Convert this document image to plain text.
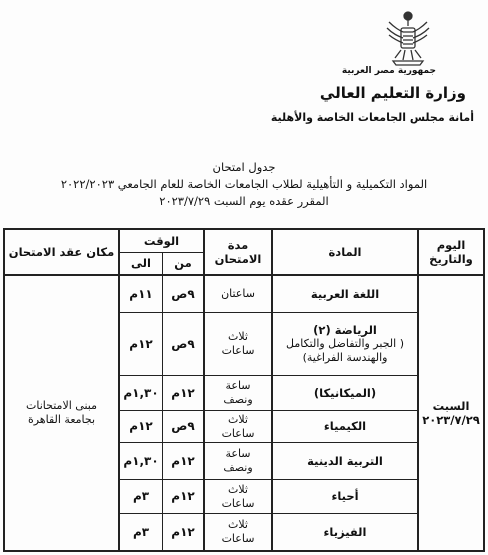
جمهورية مصر العربية
وزارة التعليم العالي
أمانة مجلس الجامعات الخاصة والأهلية
جدول امتحان
المواد التكميلية و التأهيلية لطلاب الجامعات الخاصة للعام الجامعي ٢٠٢٢/٢٠٢٣
المقرر عقده يوم السبت ٢٠٢٣/٧/٢٩
اليوم والتاريخ
المادة
مدة الامتحان
الوقت
من
الى
مكان عقد الامتحان
السبت
٢٠٢٣/٧/٢٩
مبنى الامتحانات
بجامعة القاهرة
اللغة العربية
ساعتان
٩ص
١١م
الرياضة (٢)
( الجبر والتفاضل والتكامل
والهندسة الفراغية)
ثلاث
ساعات
٩ص
١٢م
(الميكانيكا)
ساعة
ونصف
١٢م
١,٣٠م
الكيمياء
ثلاث
ساعات
٩ص
١٢م
التربية الدينية
ساعة
ونصف
١٢م
١,٣٠م
أحياء
ثلاث
ساعات
١٢م
٣م
الفيزياء
ثلاث
ساعات
١٢م
٣م
